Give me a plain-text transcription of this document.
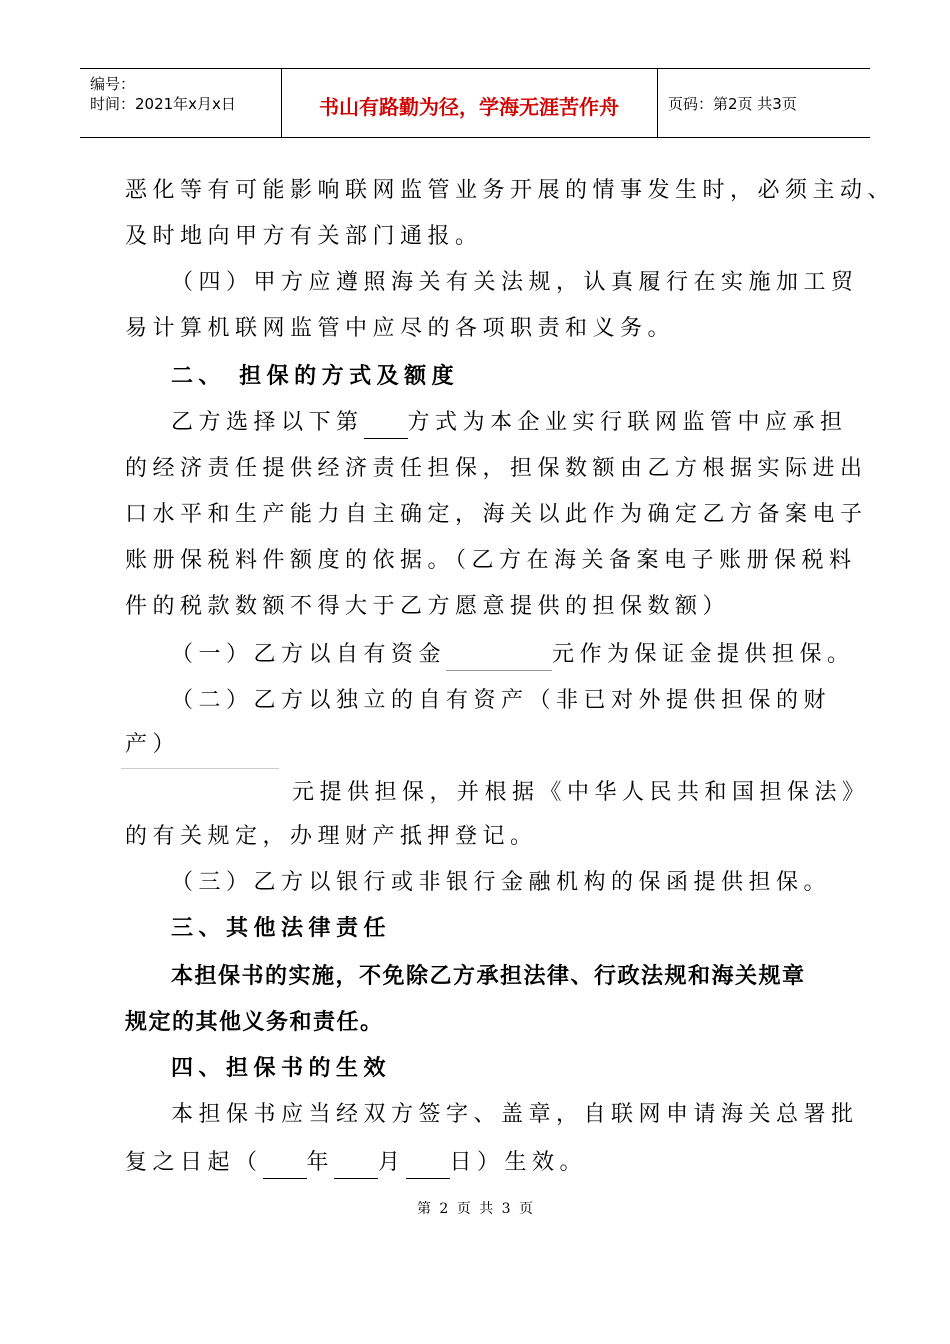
编号：
时间：2021年x月x日	书山有路勤为径，学海无涯苦作舟	页码：第2页 共3页
恶化等有可能影响联网监管业务开展的情事发生时，必须主动、
及时地向甲方有关部门通报。
（四）甲方应遵照海关有关法规，认真履行在实施加工贸
易计算机联网监管中应尽的各项职责和义务。
二、 担保的方式及额度
乙方选择以下第 方式为本企业实行联网监管中应承担
的经济责任提供经济责任担保，担保数额由乙方根据实际进出
口水平和生产能力自主确定，海关以此作为确定乙方备案电子
账册保税料件额度的依据。（乙方在海关备案电子账册保税料
件的税款数额不得大于乙方愿意提供的担保数额）
（一）乙方以自有资金	元作为保证金提供担保。
（二）乙方以独立的自有资产（非已对外提供担保的财
产）
元提供担保，并根据《中华人民共和国担保法》
的有关规定，办理财产抵押登记。
（三）乙方以银行或非银行金融机构的保函提供担保。
三、其他法律责任
本担保书的实施，不免除乙方承担法律、行政法规和海关规章
规定的其他义务和责任。
四、担保书的生效
本担保书应当经双方签字、盖章，自联网申请海关总署批
复之日起（ 年 月 日）生效。
第 2 页 共 3 页
